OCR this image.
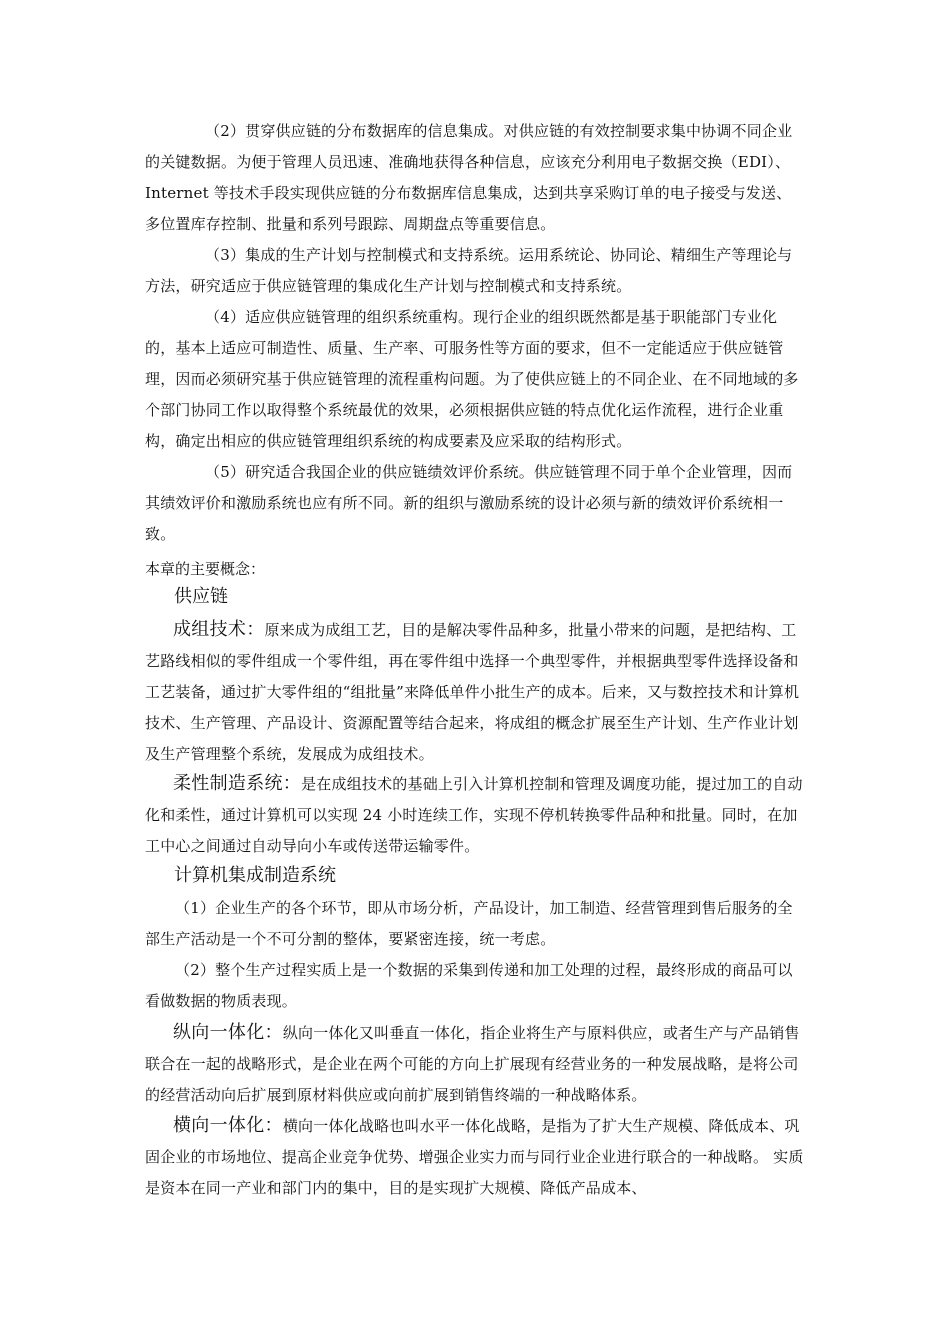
（2）贯穿供应链的分布数据库的信息集成。对供应链的有效控制要求集中协调不同企业的关键数据。为便于管理人员迅速、准确地获得各种信息，应该充分利用电子数据交换（EDI）、Internet 等技术手段实现供应链的分布数据库信息集成，达到共享采购订单的电子接受与发送、多位置库存控制、批量和系列号跟踪、周期盘点等重要信息。

（3）集成的生产计划与控制模式和支持系统。运用系统论、协同论、精细生产等理论与方法，研究适应于供应链管理的集成化生产计划与控制模式和支持系统。

（4）适应供应链管理的组织系统重构。现行企业的组织既然都是基于职能部门专业化的，基本上适应可制造性、质量、生产率、可服务性等方面的要求，但不一定能适应于供应链管理，因而必须研究基于供应链管理的流程重构问题。为了使供应链上的不同企业、在不同地域的多个部门协同工作以取得整个系统最优的效果，必须根据供应链的特点优化运作流程，进行企业重构，确定出相应的供应链管理组织系统的构成要素及应采取的结构形式。

（5）研究适合我国企业的供应链绩效评价系统。供应链管理不同于单个企业管理，因而其绩效评价和激励系统也应有所不同。新的组织与激励系统的设计必须与新的绩效评价系统相一致。

本章的主要概念：

供应链

成组技术：原来成为成组工艺，目的是解决零件品种多，批量小带来的问题，是把结构、工艺路线相似的零件组成一个零件组，再在零件组中选择一个典型零件，并根据典型零件选择设备和工艺装备，通过扩大零件组的“组批量”来降低单件小批生产的成本。后来，又与数控技术和计算机技术、生产管理、产品设计、资源配置等结合起来，将成组的概念扩展至生产计划、生产作业计划及生产管理整个系统，发展成为成组技术。

柔性制造系统：是在成组技术的基础上引入计算机控制和管理及调度功能，提过加工的自动化和柔性，通过计算机可以实现 24 小时连续工作，实现不停机转换零件品种和批量。同时，在加工中心之间通过自动导向小车或传送带运输零件。

计算机集成制造系统

（1）企业生产的各个环节，即从市场分析，产品设计，加工制造、经营管理到售后服务的全部生产活动是一个不可分割的整体，要紧密连接，统一考虑。

（2）整个生产过程实质上是一个数据的采集到传递和加工处理的过程，最终形成的商品可以看做数据的物质表现。

纵向一体化：纵向一体化又叫垂直一体化，指企业将生产与原料供应，或者生产与产品销售联合在一起的战略形式，是企业在两个可能的方向上扩展现有经营业务的一种发展战略，是将公司的经营活动向后扩展到原材料供应或向前扩展到销售终端的一种战略体系。

横向一体化：横向一体化战略也叫水平一体化战略，是指为了扩大生产规模、降低成本、巩固企业的市场地位、提高企业竞争优势、增强企业实力而与同行业企业进行联合的一种战略。 实质是资本在同一产业和部门内的集中，目的是实现扩大规模、降低产品成本、
